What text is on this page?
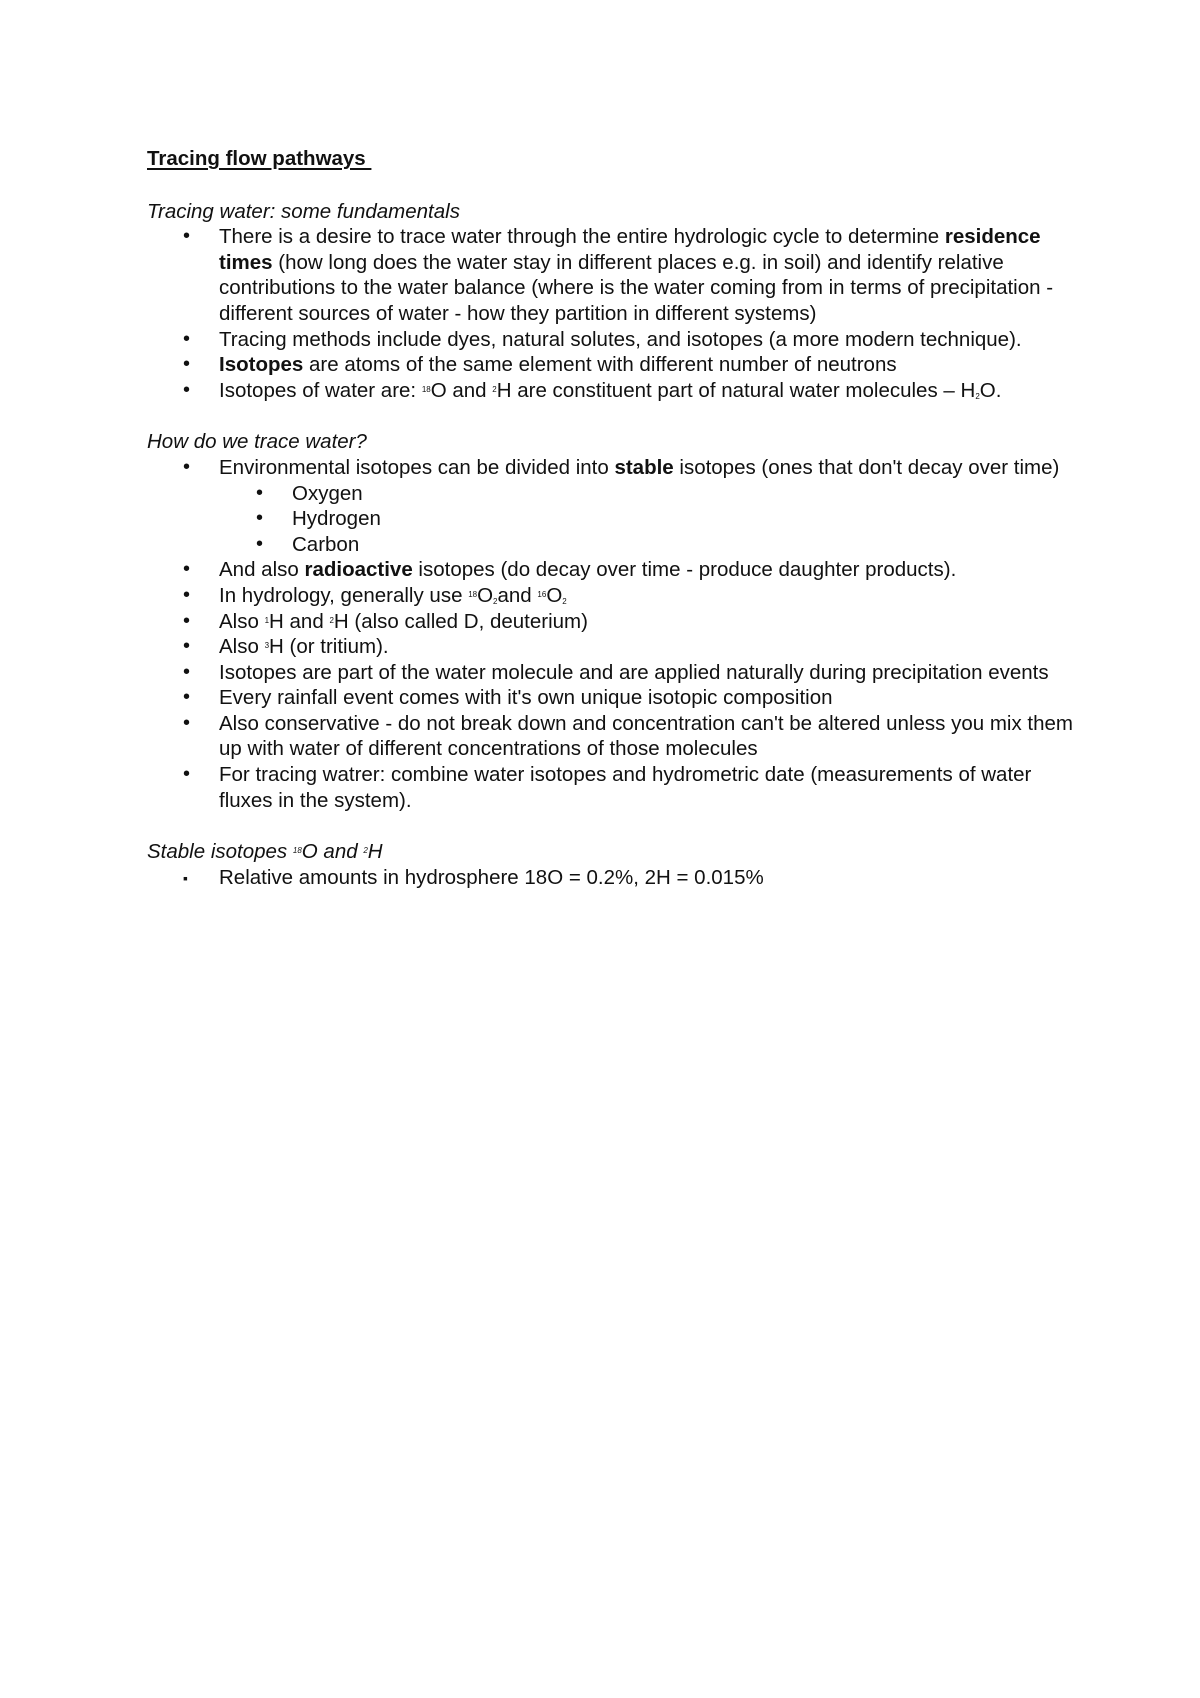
Tracing flow pathways
Tracing water: some fundamentals
• There is a desire to trace water through the entire hydrologic cycle to determine residence times (how long does the water stay in different places e.g. in soil) and identify relative contributions to the water balance (where is the water coming from in terms of precipitation - different sources of water - how they partition in different systems)
• Tracing methods include dyes, natural solutes, and isotopes (a more modern technique).
• Isotopes are atoms of the same element with different number of neutrons
• Isotopes of water are: $^{18}$O and $^2$H are constituent part of natural water molecules – $H_2O$.
How do we trace water?
• Environmental isotopes can be divided into stable isotopes (ones that don't decay over time)
• Oxygen
• Hydrogen
• Carbon
• And also radioactive isotopes (do decay over time - produce daughter products).
• In hydrology, generally use $^{18}O_2and$ $^{16}O_2$
• Also $^1$H and $^2$H (also called D, deuterium)
• Also $^3$H (or tritium).
• Isotopes are part of the water molecule and are applied naturally during precipitation events
• Every rainfall event comes with it's own unique isotopic composition
• Also conservative - do not break down and concentration can't be altered unless you mix them up with water of different concentrations of those molecules
• For tracing watrer: combine water isotopes and hydrometric date (measurements of water fluxes in the system).
Stable isotopes $^{18}$O and $^2$H
▪ Relative amounts in hydrosphere 18O = 0.2%, 2H = 0.015%
